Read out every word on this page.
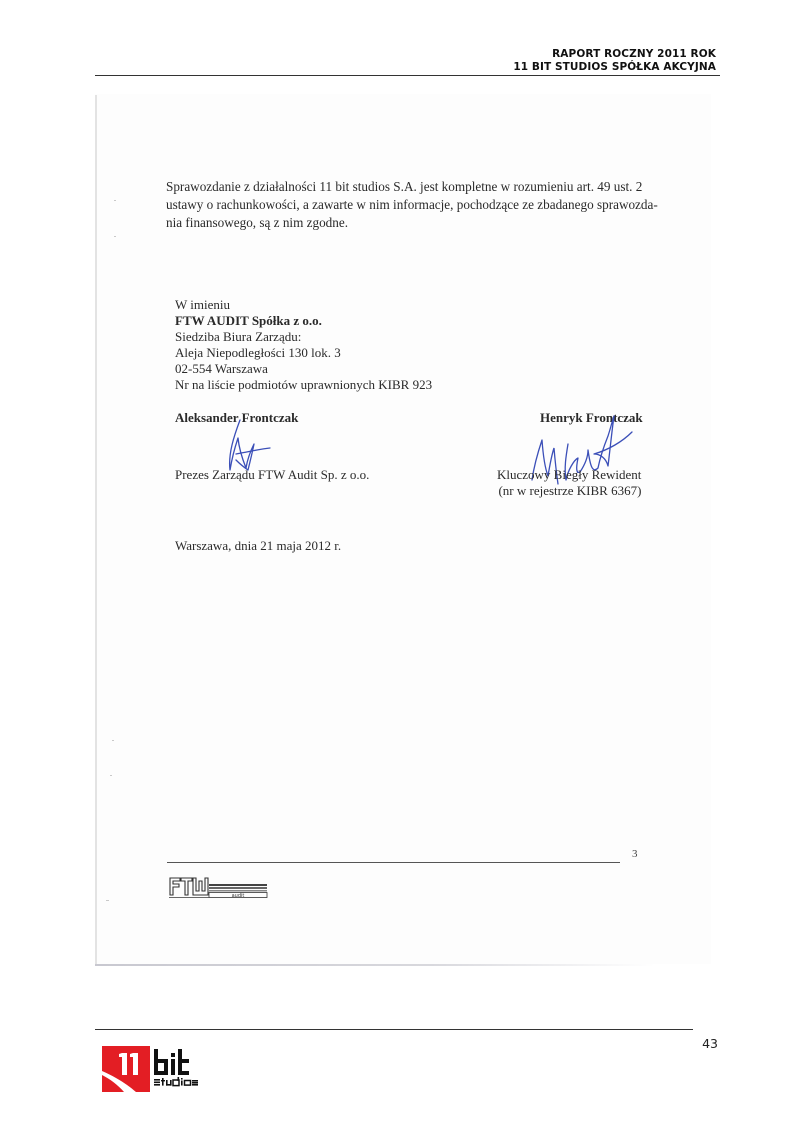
RAPORT ROCZNY 2011 ROK
11 BIT STUDIOS SPÓŁKA AKCYJNA
Sprawozdanie z działalności 11 bit studios S.A. jest kompletne w rozumieniu art. 49 ust. 2
ustawy o rachunkowości, a zawarte w nim informacje, pochodzące ze zbadanego sprawozda-
nia finansowego, są z nim zgodne.
W imieniu
FTW AUDIT Spółka z o.o.
Siedziba Biura Zarządu:
Aleja Niepodległości 130 lok. 3
02-554 Warszawa
Nr na liście podmiotów uprawnionych KIBR 923
Aleksander Frontczak
Prezes Zarządu FTW Audit Sp. z o.o.
Henryk Frontczak
Kluczowy Biegły Rewident
(nr w rejestrze KIBR 6367)
Warszawa, dnia 21 maja 2012 r.
3
audit
43
